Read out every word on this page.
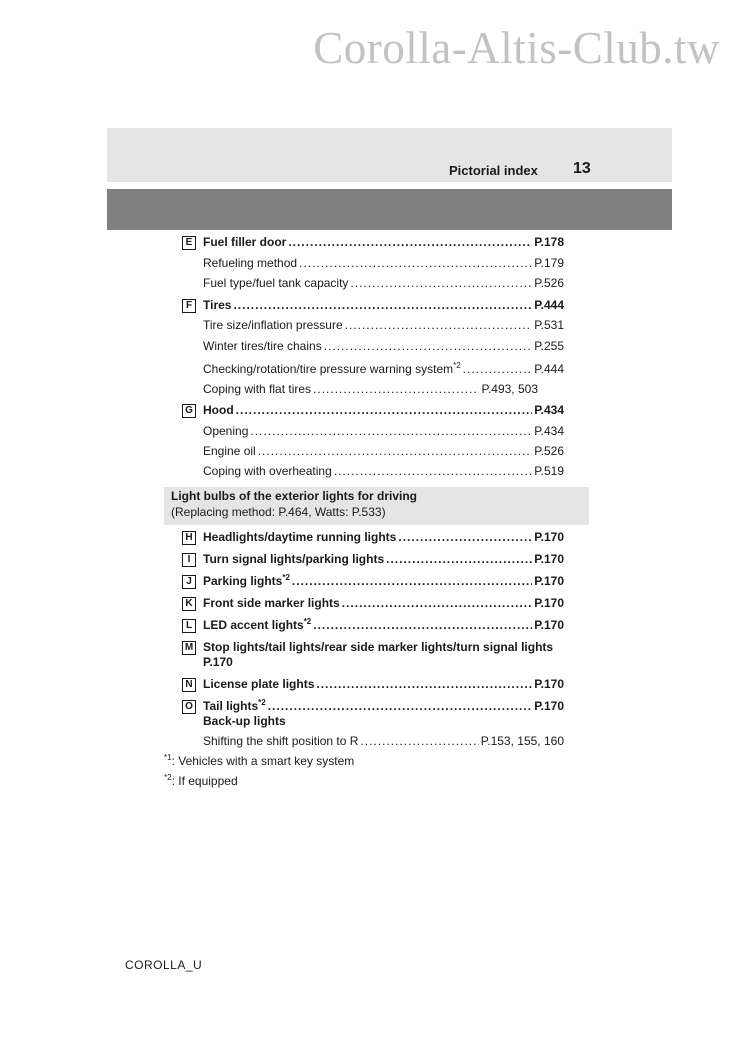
Corolla-Altis-Club.tw
Pictorial index 13
E Fuel filler door .....	P.178
Refueling method .....	P.179
Fuel type/fuel tank capacity .....	P.526
F Tires .....	P.444
Tire size/inflation pressure .....	P.531
Winter tires/tire chains .....	P.255
Checking/rotation/tire pressure warning system$^{*2}$ .....	P.444
Coping with flat tires .....	P.493, 503
G Hood .....	P.434
Opening .....	P.434
Engine oil .....	P.526
Coping with overheating .....	P.519
Light bulbs of the exterior lights for driving
(Replacing method: P.464, Watts: P.533)
H Headlights/daytime running lights .....	P.170
I	Turn signal lights/parking lights .....	P.170
J Parking lights$^{*2}$ .....	P.170
K Front side marker lights .....	P.170
L LED accent lights$^{*2}$ .....	P.170
M Stop lights/tail lights/rear side marker lights/turn signal lights
P.170
N License plate lights .....	P.170
O Tail lights$^{*2}$ .....	P.170
Back-up lights
Shifting the shift position to R .....	P.153, 155, 160
$^{*1}$: Vehicles with a smart key system
$^{*2}$: If equipped
COROLLA_U
